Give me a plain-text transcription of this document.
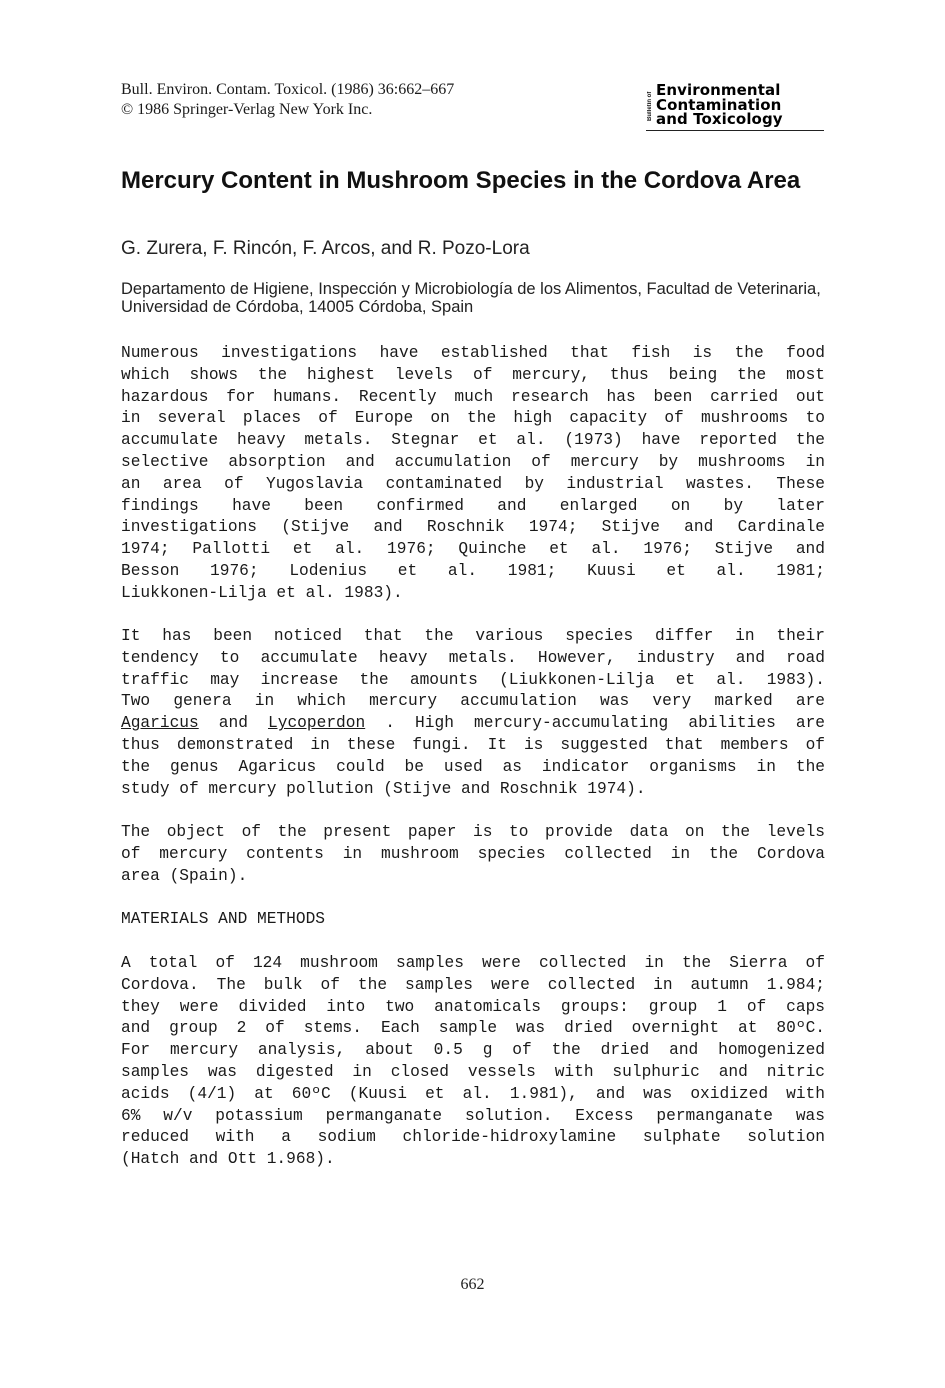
Bull. Environ. Contam. Toxicol. (1986) 36:662–667
© 1986 Springer-Verlag New York Inc.	Bulletin of
Environmental
Contamination
and Toxicology
Mercury Content in Mushroom Species in the Cordova Area
G. Zurera, F. Rincón, F. Arcos, and R. Pozo-Lora
Departamento de Higiene, Inspección y Microbiología de los Alimentos, Facultad de Veterinaria, Universidad de Córdoba, 14005 Córdoba, Spain
Numerous investigations have established that fish is the food
which shows the highest levels of mercury, thus being the most
hazardous for humans. Recently much research has been carried out
in several places of Europe on the high capacity of mushrooms to
accumulate heavy metals. Stegnar et al. (1973) have reported the
selective absorption and accumulation of mercury by mushrooms in
an area of Yugoslavia contaminated by industrial wastes. These
findings have been confirmed and enlarged on by later
investigations (Stijve and Roschnik 1974; Stijve and Cardinale
1974; Pallotti et al. 1976; Quinche et al. 1976; Stijve and
Besson 1976; Lodenius et al. 1981; Kuusi et al. 1981;
Liukkonen-Lilja et al. 1983).
It has been noticed that the various species differ in their
tendency to accumulate heavy metals. However, industry and road
traffic may increase the amounts (Liukkonen-Lilja et al. 1983).
Two genera in which mercury accumulation was very marked are
Agaricus and Lycoperdon . High mercury-accumulating abilities are
thus demonstrated in these fungi. It is suggested that members of
the genus Agaricus could be used as indicator organisms in the
study of mercury pollution (Stijve and Roschnik 1974).
The object of the present paper is to provide data on the levels
of mercury contents in mushroom species collected in the Cordova
area (Spain).
MATERIALS AND METHODS
A total of 124 mushroom samples were collected in the Sierra of
Cordova. The bulk of the samples were collected in autumn 1.984;
they were divided into two anatomicals groups: group 1 of caps
and group 2 of stems. Each sample was dried overnight at 80ºC.
For mercury analysis, about 0.5 g of the dried and homogenized
samples was digested in closed vessels with sulphuric and nitric
acids (4/1) at 60ºC (Kuusi et al. 1.981), and was oxidized with
6% w/v potassium permanganate solution. Excess permanganate was
reduced with a sodium chloride-hidroxylamine sulphate solution
(Hatch and Ott 1.968).
662
